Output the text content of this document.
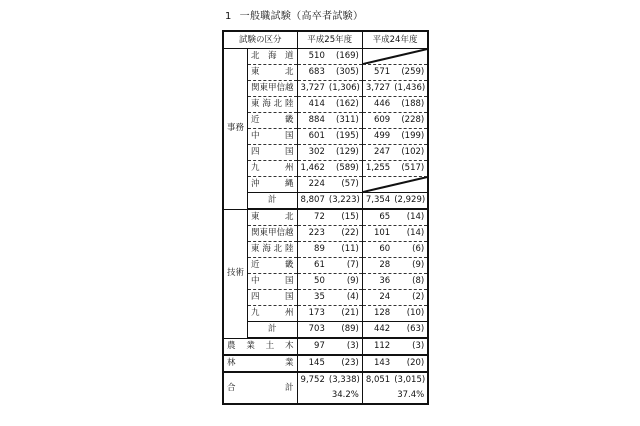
1 一般職試験（高卒者試験）
試験の区分		平成25年度	平成24年度
事務	北海道	510 (169)

	東北	683 (305)	571 (259)

	関東甲信越	3,727 (1,306)	3,727 (1,436)

	東海北陸	414 (162)	446 (188)

	近畿	884 (311)	609 (228)

	中国	601 (195)	499 (199)

	四国	302 (129)	247 (102)

	九州	1,462 (589)	1,255 (517)

	沖縄	224 (57)

	計	8,807 (3,223)	7,354 (2,929)

技術	東北	72 (15)	65 (14)

	関東甲信越	223 (22)	101 (14)

	東海北陸	89 (11)	60 (6)

	近畿	61 (7)	28 (9)

	中国	50 (9)	36 (8)

	四国	35 (4)	24 (2)

	九州	173 (21)	128 (10)

	計	703 (89)	442 (63)

農業土木		97 (3)	112 (3)

林業		145 (23)	143 (20)

合 計		9,752 (3,338)	8,051 (3,015)

		34.2%	37.4%
